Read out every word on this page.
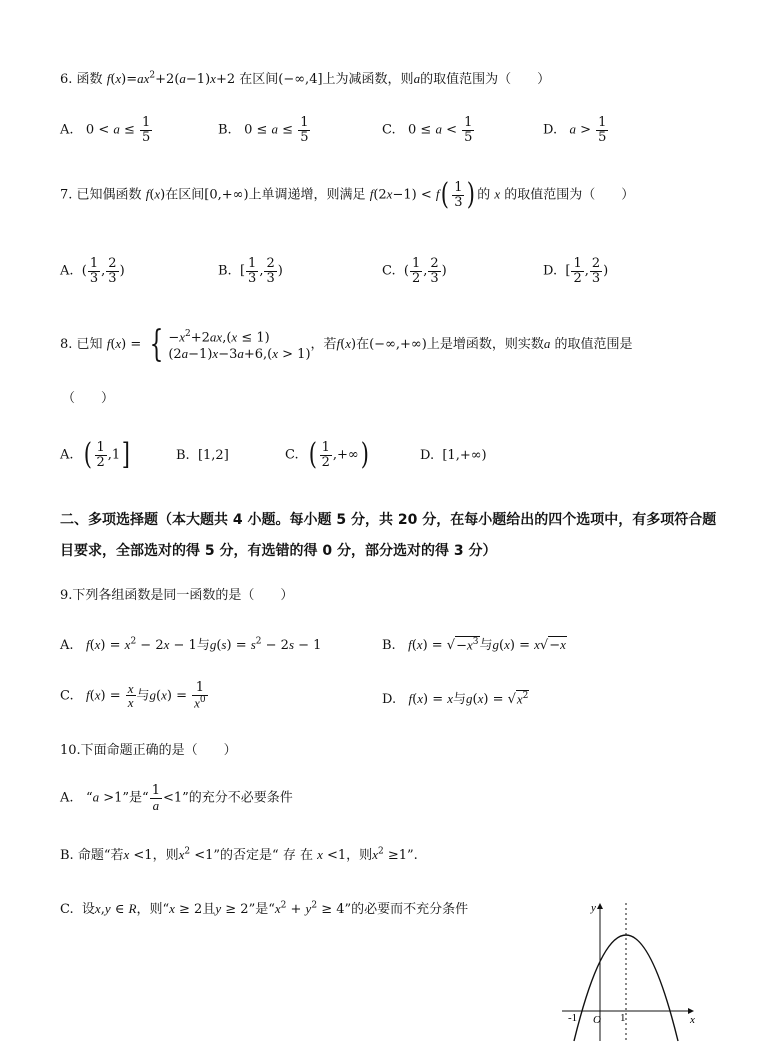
6. 函数 $f(x)=ax^2+2(a-1)x+2$ 在区间(−∞,4]上为减函数，则a的取值范围为（　　）
A.   $0 < a \le \frac{1}{5}$	B.   $0 \le a \le \frac{1}{5}$	C.   $0 \le a < \frac{1}{5}$	D. $a > \frac{1}{5}$
7. 已知偶函数 f(x)在区间[0,+∞)上单调递增，则满足 $f(2x-1) < f( \frac{1}{3}$ ) 的 x 的取值范围为（　　）
A.  ( $\frac{1}{3}$ , $\frac{2}{3}$ )	B.  [ $\frac{1}{3}$ , $\frac{2}{3}$ )	C.  ( $\frac{1}{2}$ , $\frac{2}{3}$ )	D.  [ $\frac{1}{2}$ , $\frac{2}{3}$ )
8. 已知 f(x) = { $-x^2+2ax,(x \le 1)$
(2a−1)x−3a+6,(x > 1)
，若f(x)在(−∞,+∞)上是增函数，则实数a 的取值范围是
（　　）
A. ( $\frac{1}{2} ,1$]	B.  [1,2]	C. ( $\frac{1}{2}$ ,+∞)	D.  [1,+∞)
二、多项选择题（本大题共 4 小题。每小题 5 分，共 20 分，在每小题给出的四个选项中，有多项符合题
目要求，全部选对的得 5 分，有选错的得 0 分，部分选对的得 3 分）
9.下列各组函数是同一函数的是（　　）
A. $f(x) = x^2 - 2x - 1$与$g(s) = s^2 - 2s - 1$	B. $f(x) = √-x^3$与g(x) = x√−x
C. $f(x) = \frac{x}{x}$ 与$g(x) = \frac{1}{x^0}$	D. f(x) = x与$g(x) = √x^2$
10.下面命题正确的是（　　）
A. “a >1”是“ $\frac{1}{a} <1$”的充分不必要条件
B. 命题“若x <1，则$x^2 <1$”的否定是“ 存 在 x <1，则$x^2 \ge 1$”.
C. 设x,y ∈ R，则“x ≥ 2且y ≥ 2”是“$x^2 + y^2 \ge 4$”的必要而不充分条件	y
x
O
-1	1
